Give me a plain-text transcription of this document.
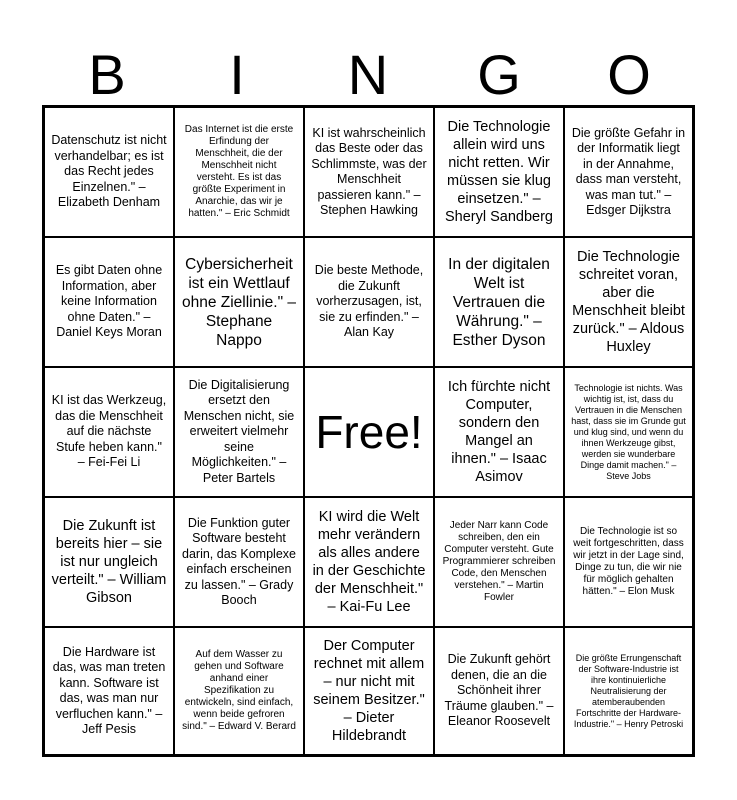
B	I	N	G	O
Datenschutz ist nicht verhandelbar; es ist das Recht jedes Einzelnen." – Elizabeth Denham
Das Internet ist die erste Erfindung der Menschheit, die der Menschheit nicht versteht. Es ist das größte Experiment in Anarchie, das wir je hatten." – Eric Schmidt
KI ist wahrscheinlich das Beste oder das Schlimmste, was der Menschheit passieren kann." – Stephen Hawking
Die Technologie allein wird uns nicht retten. Wir müssen sie klug einsetzen." – Sheryl Sandberg
Die größte Gefahr in der Informatik liegt in der Annahme, dass man versteht, was man tut." – Edsger Dijkstra
Es gibt Daten ohne Information, aber keine Information ohne Daten." – Daniel Keys Moran
Cybersicherheit ist ein Wettlauf ohne Ziellinie." – Stephane Nappo
Die beste Methode, die Zukunft vorherzusagen, ist, sie zu erfinden." – Alan Kay
In der digitalen Welt ist Vertrauen die Währung." – Esther Dyson
Die Technologie schreitet voran, aber die Menschheit bleibt zurück." – Aldous Huxley
KI ist das Werkzeug, das die Menschheit auf die nächste Stufe heben kann." – Fei-Fei Li
Die Digitalisierung ersetzt den Menschen nicht, sie erweitert vielmehr seine Möglichkeiten." – Peter Bartels
Free!
Ich fürchte nicht Computer, sondern den Mangel an ihnen." – Isaac Asimov
Technologie ist nichts. Was wichtig ist, ist, dass du Vertrauen in die Menschen hast, dass sie im Grunde gut und klug sind, und wenn du ihnen Werkzeuge gibst, werden sie wunderbare Dinge damit machen." – Steve Jobs
Die Zukunft ist bereits hier – sie ist nur ungleich verteilt." – William Gibson
Die Funktion guter Software besteht darin, das Komplexe einfach erscheinen zu lassen." – Grady Booch
KI wird die Welt mehr verändern als alles andere in der Geschichte der Menschheit." – Kai-Fu Lee
Jeder Narr kann Code schreiben, den ein Computer versteht. Gute Programmierer schreiben Code, den Menschen verstehen." – Martin Fowler
Die Technologie ist so weit fortgeschritten, dass wir jetzt in der Lage sind, Dinge zu tun, die wir nie für möglich gehalten hätten." – Elon Musk
Die Hardware ist das, was man treten kann. Software ist das, was man nur verfluchen kann." – Jeff Pesis
Auf dem Wasser zu gehen und Software anhand einer Spezifikation zu entwickeln, sind einfach, wenn beide gefroren sind." – Edward V. Berard
Der Computer rechnet mit allem – nur nicht mit seinem Besitzer." – Dieter Hildebrandt
Die Zukunft gehört denen, die an die Schönheit ihrer Träume glauben." – Eleanor Roosevelt
Die größte Errungenschaft der Software-Industrie ist ihre kontinuierliche Neutralisierung der atemberaubenden Fortschritte der Hardware-Industrie." – Henry Petroski
